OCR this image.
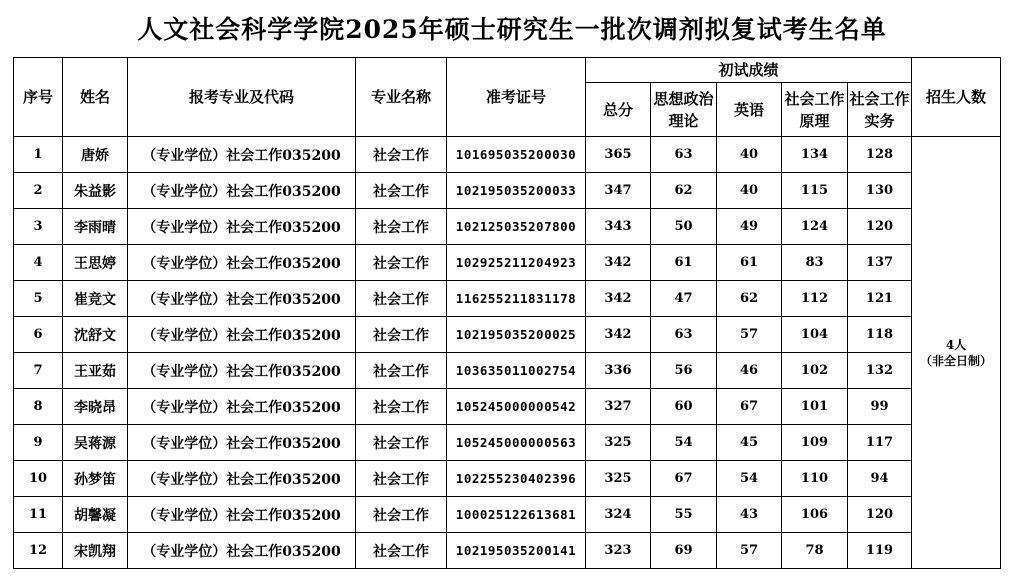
人文社会科学学院2025年硕士研究生一批次调剂拟复试考生名单
序号	姓名	报考专业及代码	专业名称	准考证号	初试成绩					招生人数
					总分	思想政治理论	英语	社会工作原理	社会工作实务	
1	唐娇	（专业学位）社会工作035200	社会工作	101695035200030	365	63	40	134	128	4人
（非全日制）

2	朱益影	（专业学位）社会工作035200	社会工作	102195035200033	347	62	40	115	130	
3	李雨晴	（专业学位）社会工作035200	社会工作	102125035207800	343	50	49	124	120	
4	王思婷	（专业学位）社会工作035200	社会工作	102925211204923	342	61	61	83	137	
5	崔竞文	（专业学位）社会工作035200	社会工作	116255211831178	342	47	62	112	121	
6	沈舒文	（专业学位）社会工作035200	社会工作	102195035200025	342	63	57	104	118	
7	王亚茹	（专业学位）社会工作035200	社会工作	103635011002754	336	56	46	102	132	
8	李晓昂	（专业学位）社会工作035200	社会工作	105245000000542	327	60	67	101	99	
9	吴蒋源	（专业学位）社会工作035200	社会工作	105245000000563	325	54	45	109	117	
10	孙梦笛	（专业学位）社会工作035200	社会工作	102255230402396	325	67	54	110	94	
11	胡馨凝	（专业学位）社会工作035200	社会工作	100025122613681	324	55	43	106	120	
12	宋凯翔	（专业学位）社会工作035200	社会工作	102195035200141	323	69	57	78	119	
